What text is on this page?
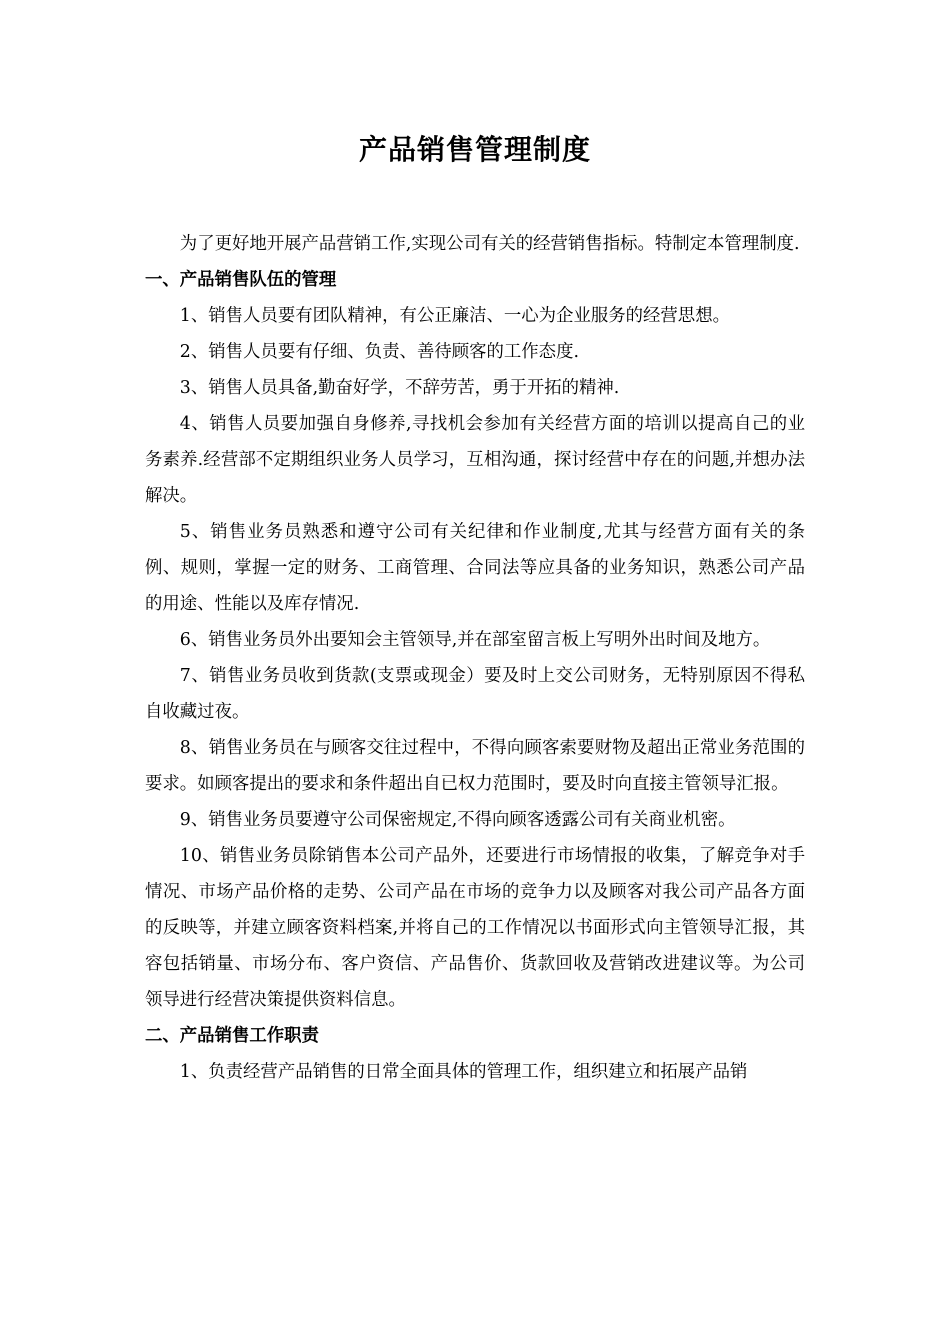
产品销售管理制度

为了更好地开展产品营销工作,实现公司有关的经营销售指标。特制定本管理制度.

一、产品销售队伍的管理

1、销售人员要有团队精神，有公正廉洁、一心为企业服务的经营思想。

2、销售人员要有仔细、负责、善待顾客的工作态度.

3、销售人员具备,勤奋好学，不辞劳苦，勇于开拓的精神.

4、销售人员要加强自身修养,寻找机会参加有关经营方面的培训以提高自己的业务素养.经营部不定期组织业务人员学习，互相沟通，探讨经营中存在的问题,并想办法解决。

5、销售业务员熟悉和遵守公司有关纪律和作业制度,尤其与经营方面有关的条例、规则，掌握一定的财务、工商管理、合同法等应具备的业务知识，熟悉公司产品的用途、性能以及库存情况.

6、销售业务员外出要知会主管领导,并在部室留言板上写明外出时间及地方。

7、销售业务员收到货款(支票或现金）要及时上交公司财务，无特别原因不得私自收藏过夜。

8、销售业务员在与顾客交往过程中，不得向顾客索要财物及超出正常业务范围的要求。如顾客提出的要求和条件超出自已权力范围时，要及时向直接主管领导汇报。

9、销售业务员要遵守公司保密规定,不得向顾客透露公司有关商业机密。

10、销售业务员除销售本公司产品外，还要进行市场情报的收集，了解竞争对手情况、市场产品价格的走势、公司产品在市场的竞争力以及顾客对我公司产品各方面的反映等，并建立顾客资料档案,并将自己的工作情况以书面形式向主管领导汇报，其容包括销量、市场分布、客户资信、产品售价、货款回收及营销改进建议等。为公司领导进行经营决策提供资料信息。

二、产品销售工作职责

1、负责经营产品销售的日常全面具体的管理工作，组织建立和拓展产品销
